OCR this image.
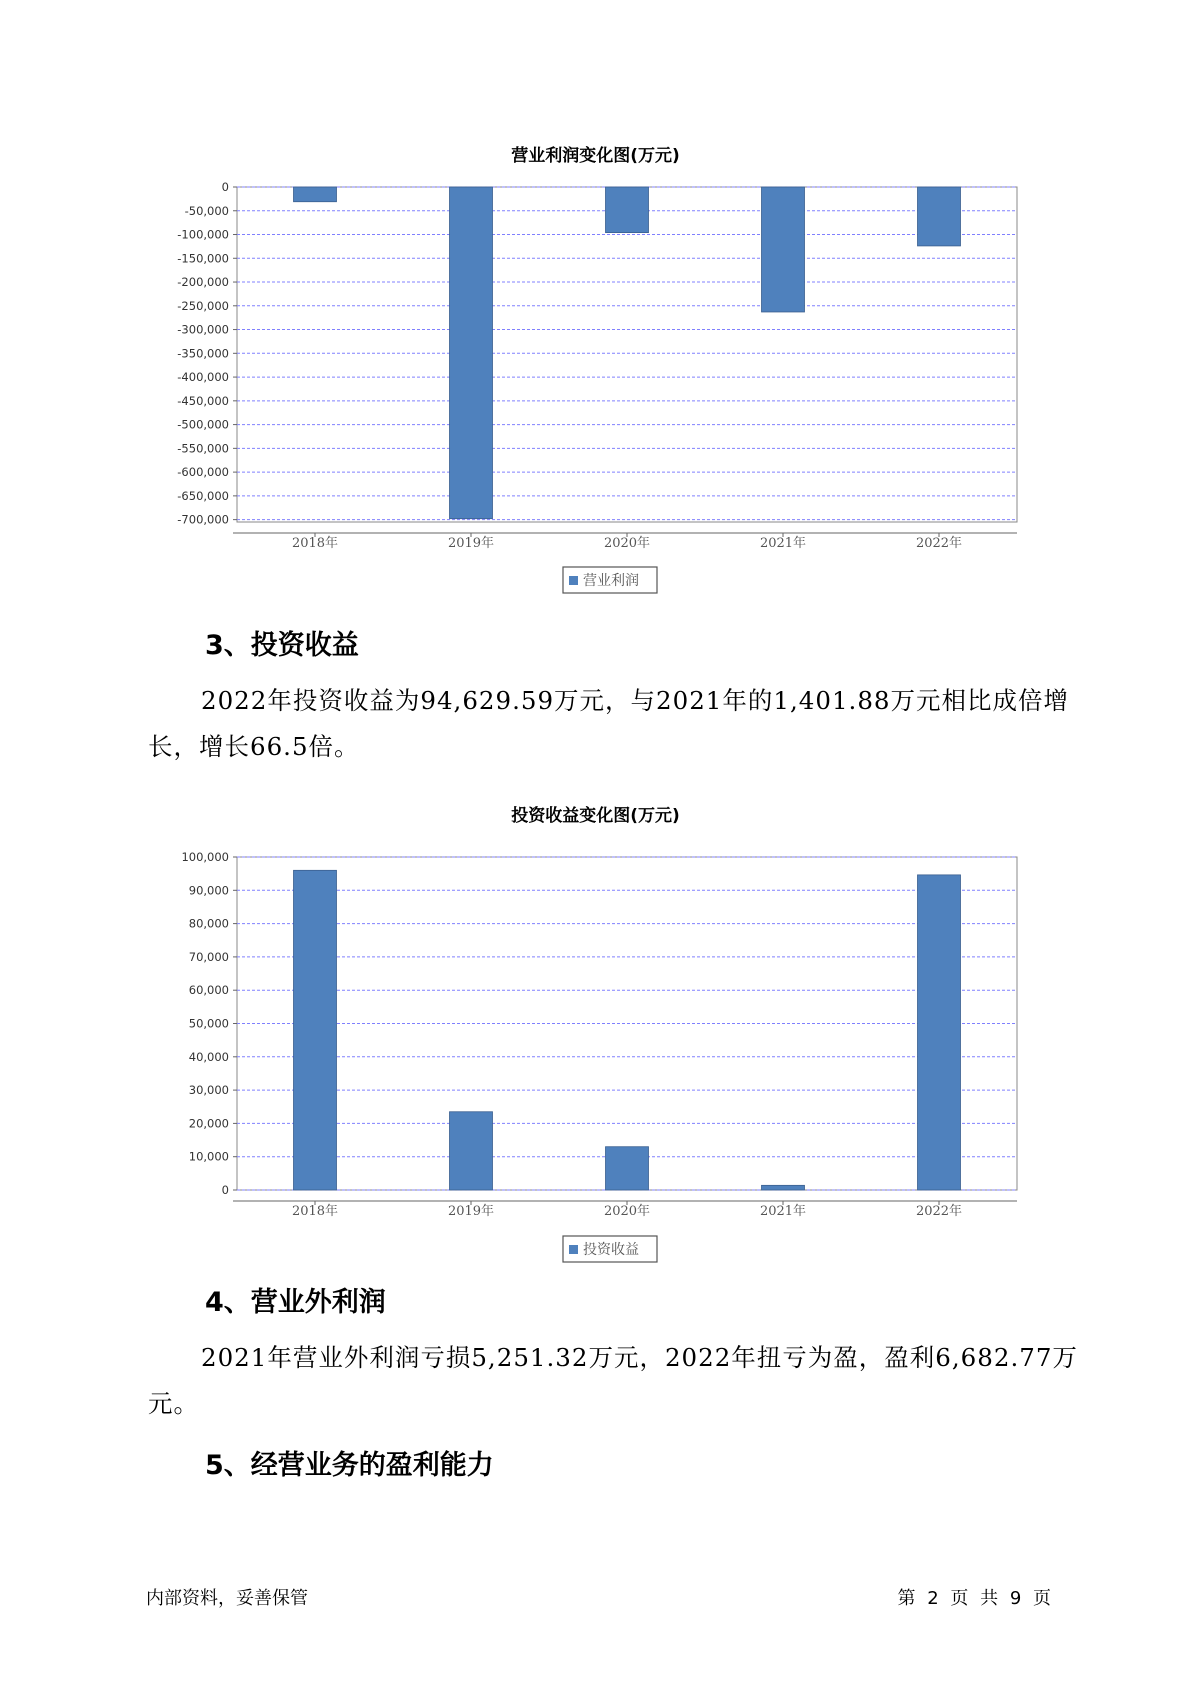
营业利润变化图(万元)
0
-50,000
-100,000
-150,000
-200,000
-250,000
-300,000
-350,000
-400,000
-450,000
-500,000
-550,000
-600,000
-650,000
-700,000
2018年	2019年	2020年	2021年	2022年
营业利润
100,000
90,000
80,000
70,000
60,000
50,000
40,000
30,000
20,000
10,000
0
2018年	2019年	2020年	2021年	2022年
投资收益
3、投资收益

2022年投资收益为94,629.59万元，与2021年的1,401.88万元相比成倍增长，增长66.5倍。

投资收益变化图(万元)
4、营业外利润

2021年营业外利润亏损5,251.32万元，2022年扭亏为盈，盈利6,682.77万元。

5、经营业务的盈利能力
内部资料，妥善保管	第 2 页 共 9 页
